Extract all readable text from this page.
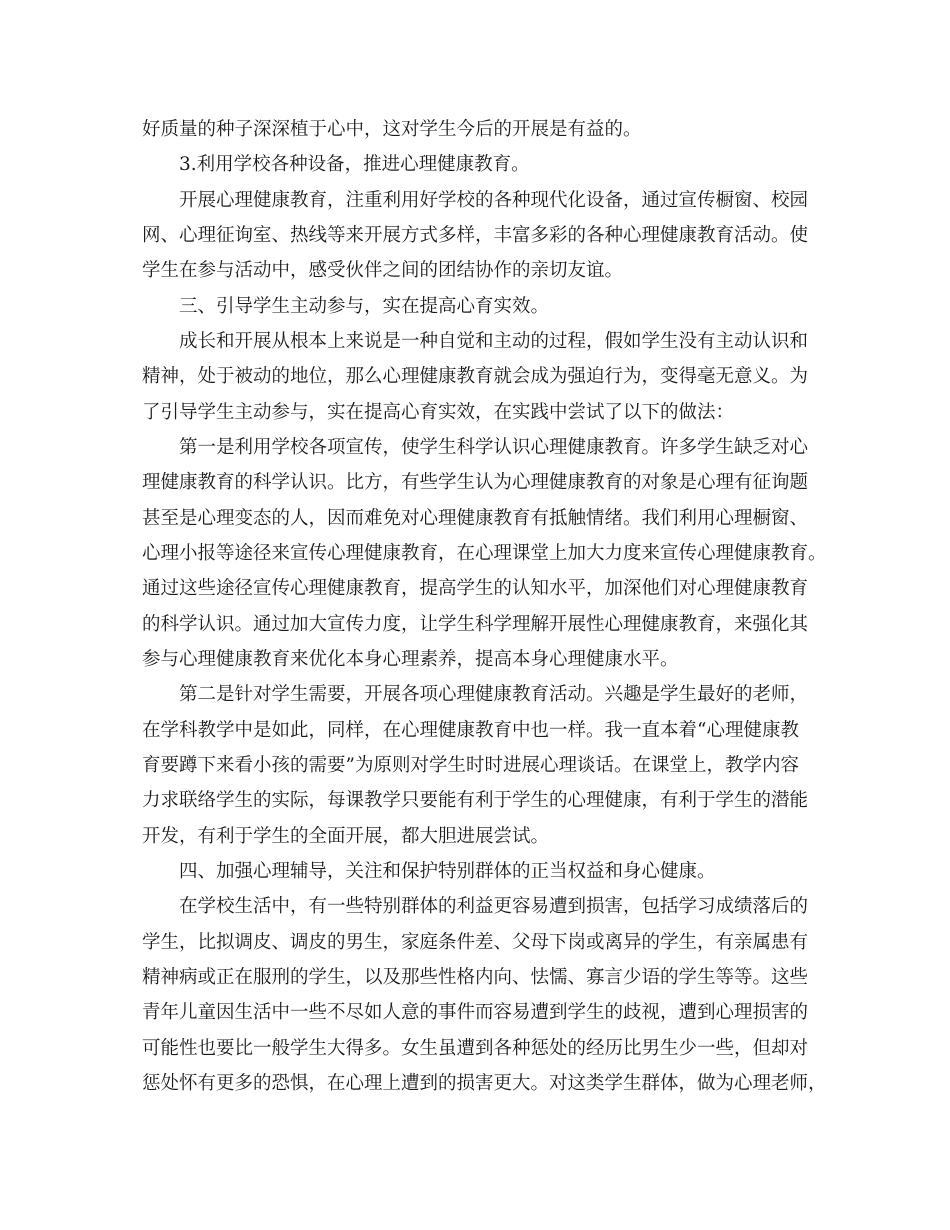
好质量的种子深深植于心中，这对学生今后的开展是有益的。
3.利用学校各种设备，推进心理健康教育。
开展心理健康教育，注重利用好学校的各种现代化设备，通过宣传橱窗、校园
网、心理征询室、热线等来开展方式多样，丰富多彩的各种心理健康教育活动。使
学生在参与活动中，感受伙伴之间的团结协作的亲切友谊。
三、引导学生主动参与，实在提高心育实效。
成长和开展从根本上来说是一种自觉和主动的过程，假如学生没有主动认识和
精神，处于被动的地位，那么心理健康教育就会成为强迫行为，变得毫无意义。为
了引导学生主动参与，实在提高心育实效，在实践中尝试了以下的做法：
第一是利用学校各项宣传，使学生科学认识心理健康教育。许多学生缺乏对心
理健康教育的科学认识。比方，有些学生认为心理健康教育的对象是心理有征询题
甚至是心理变态的人，因而难免对心理健康教育有抵触情绪。我们利用心理橱窗、
心理小报等途径来宣传心理健康教育，在心理课堂上加大力度来宣传心理健康教育。
通过这些途径宣传心理健康教育，提高学生的认知水平，加深他们对心理健康教育
的科学认识。通过加大宣传力度，让学生科学理解开展性心理健康教育，来强化其
参与心理健康教育来优化本身心理素养，提高本身心理健康水平。
第二是针对学生需要，开展各项心理健康教育活动。兴趣是学生最好的老师，
在学科教学中是如此，同样，在心理健康教育中也一样。我一直本着“心理健康教
育要蹲下来看小孩的需要”为原则对学生时时进展心理谈话。在课堂上，教学内容
力求联络学生的实际，每课教学只要能有利于学生的心理健康，有利于学生的潜能
开发，有利于学生的全面开展，都大胆进展尝试。
四、加强心理辅导，关注和保护特别群体的正当权益和身心健康。
在学校生活中，有一些特别群体的利益更容易遭到损害，包括学习成绩落后的
学生，比拟调皮、调皮的男生，家庭条件差、父母下岗或离异的学生，有亲属患有
精神病或正在服刑的学生，以及那些性格内向、怯懦、寡言少语的学生等等。这些
青年儿童因生活中一些不尽如人意的事件而容易遭到学生的歧视，遭到心理损害的
可能性也要比一般学生大得多。女生虽遭到各种惩处的经历比男生少一些，但却对
惩处怀有更多的恐惧，在心理上遭到的损害更大。对这类学生群体，做为心理老师，
